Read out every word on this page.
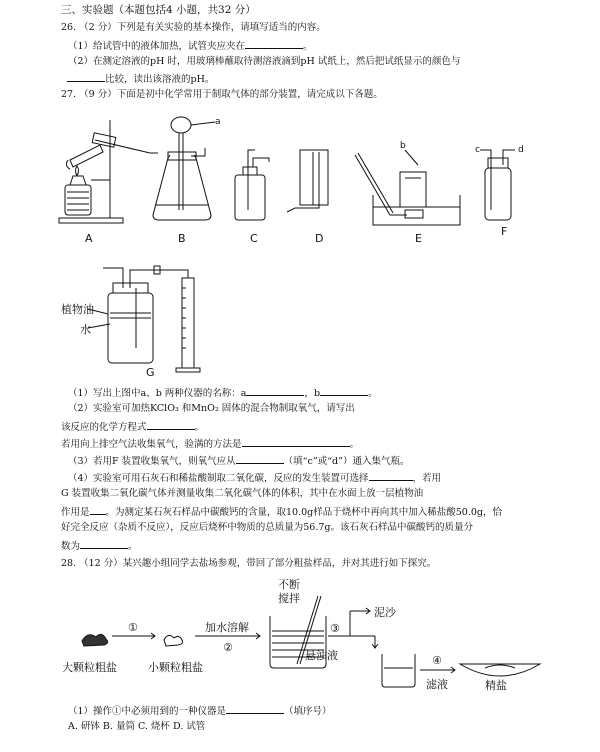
三、实验题（本题包括4 小题，共32 分）
26. （2 分）下列是有关实验的基本操作，请填写适当的内容。
（1）给试管中的液体加热，试管夹应夹在	。
（2）在测定溶液的pH 时，用玻璃棒蘸取待测溶液滴到pH 试纸上，然后把试纸显示的颜色与
比较，读出该溶液的pH。
27. （9 分）下面是初中化学常用于制取气体的部分装置，请完成以下各题。
a
b	c	d
A	B	C	D	E
F
植物油
水
G
（1）写出上图中a、b 两种仪器的名称：a	，b	。
（2）实验室可加热KClO₃ 和MnO₂ 固体的混合物制取氧气，请写出
该反应的化学方程式	。
若用向上排空气法收集氧气，验满的方法是	。
（3）若用F 装置收集氧气，则氧气应从	（填“c”或“d”）通入集气瓶。
（4）实验室可用石灰石和稀盐酸制取二氧化碳，反应的发生装置可选择	，若用
G 装置收集二氧化碳气体并测量收集二氧化碳气体的体积，其中在水面上放一层植物油
作用是 。为测定某石灰石样品中碳酸钙的含量，取10.0g样品于烧杯中再向其中加入稀盐酸50.0g，恰
好完全反应（杂质不反应），反应后烧杯中物质的总质量为56.7g。该石灰石样品中碳酸钙的质量分
数为	。
28. （12 分）某兴趣小组同学去盐场参观，带回了部分粗盐样品，并对其进行如下探究。
不断
搅拌
①	加水溶解
②
③
④
泥沙
大颗粒粗盐	小颗粒粗盐
悬浊液
滤液	精盐
（1）操作①中必须用到的一种仪器是	（填序号）
A. 研钵 B. 量筒 C. 烧杯 D. 试管
